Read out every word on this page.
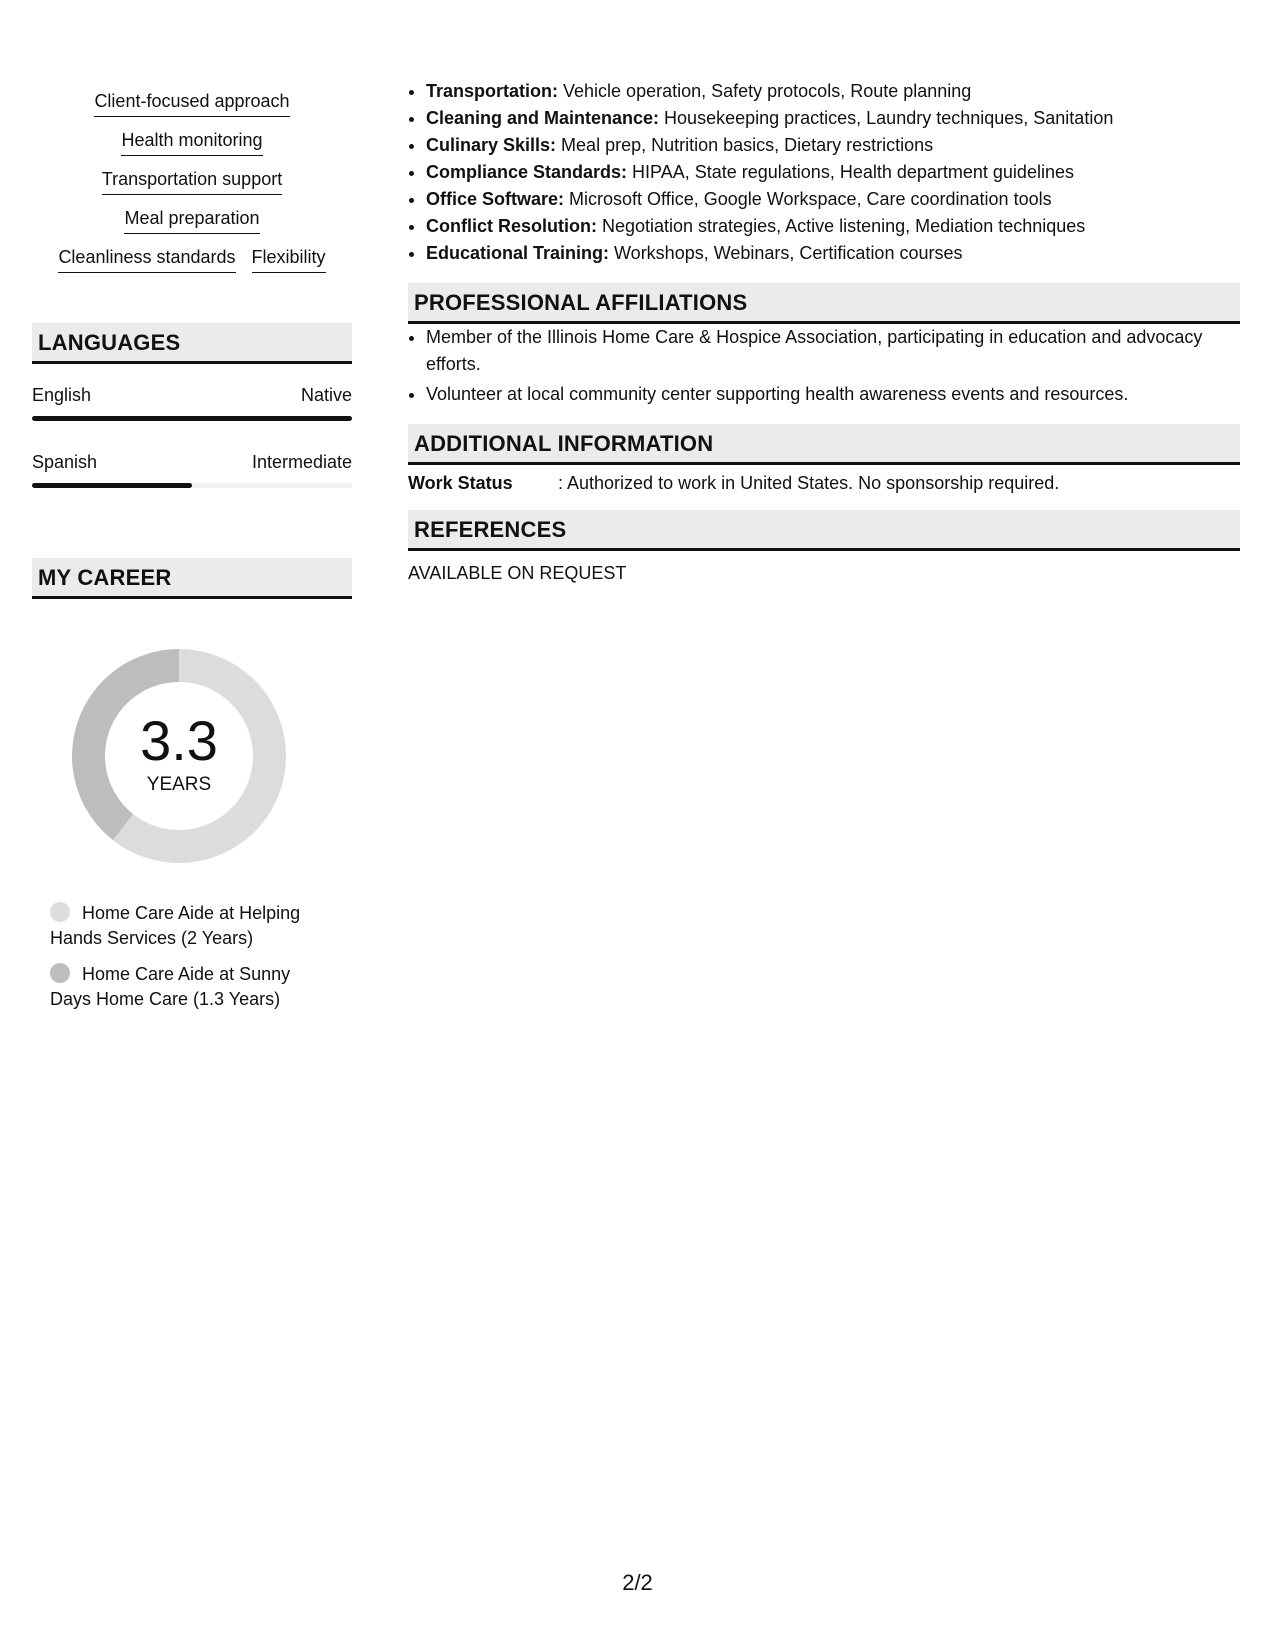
Client-focused approach
Health monitoring
Transportation support
Meal preparation
Cleanliness standards Flexibility
LANGUAGES
English	Native
Spanish	Intermediate
MY CAREER
3.3
YEARS
Home Care Aide at Helping Hands Services (2 Years)
Home Care Aide at Sunny Days Home Care (1.3 Years)
• Transportation: Vehicle operation, Safety protocols, Route planning
• Cleaning and Maintenance: Housekeeping practices, Laundry techniques, Sanitation
• Culinary Skills: Meal prep, Nutrition basics, Dietary restrictions
• Compliance Standards: HIPAA, State regulations, Health department guidelines
• Office Software: Microsoft Office, Google Workspace, Care coordination tools
• Conflict Resolution: Negotiation strategies, Active listening, Mediation techniques
• Educational Training: Workshops, Webinars, Certification courses
PROFESSIONAL AFFILIATIONS
• Member of the Illinois Home Care & Hospice Association, participating in education and advocacy efforts.
• Volunteer at local community center supporting health awareness events and resources.
ADDITIONAL INFORMATION
Work Status	: Authorized to work in United States. No sponsorship required.
REFERENCES
AVAILABLE ON REQUEST
2/2
